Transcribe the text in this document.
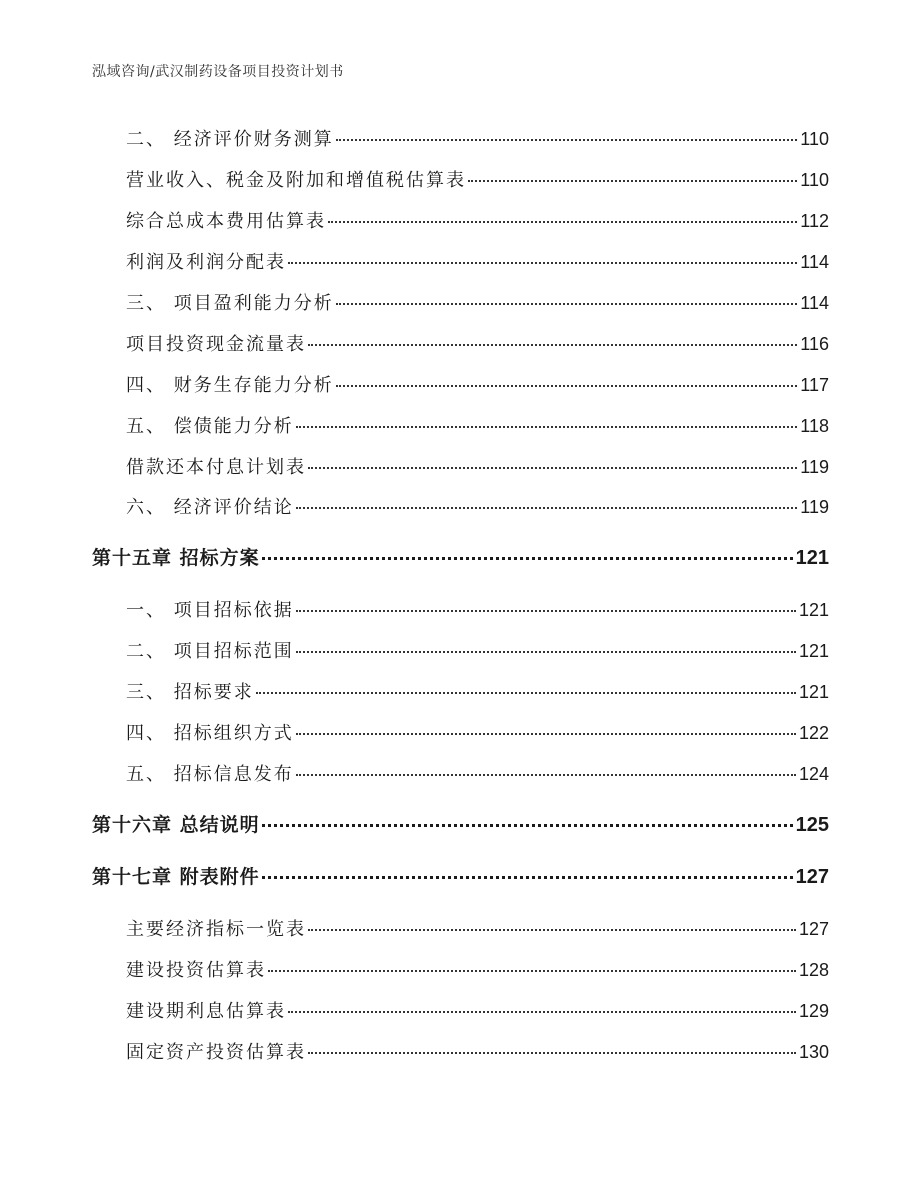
泓域咨询/武汉制药设备项目投资计划书
二、 经济评价财务测算	110
营业收入、税金及附加和增值税估算表	110
综合总成本费用估算表	112
利润及利润分配表	114
三、 项目盈利能力分析	114
项目投资现金流量表	116
四、 财务生存能力分析	117
五、 偿债能力分析	118
借款还本付息计划表	119
六、 经济评价结论	119
第十五章 招标方案	121
一、 项目招标依据	121
二、 项目招标范围	121
三、 招标要求	121
四、 招标组织方式	122
五、 招标信息发布	124
第十六章 总结说明	125
第十七章 附表附件	127
主要经济指标一览表	127
建设投资估算表	128
建设期利息估算表	129
固定资产投资估算表	130
